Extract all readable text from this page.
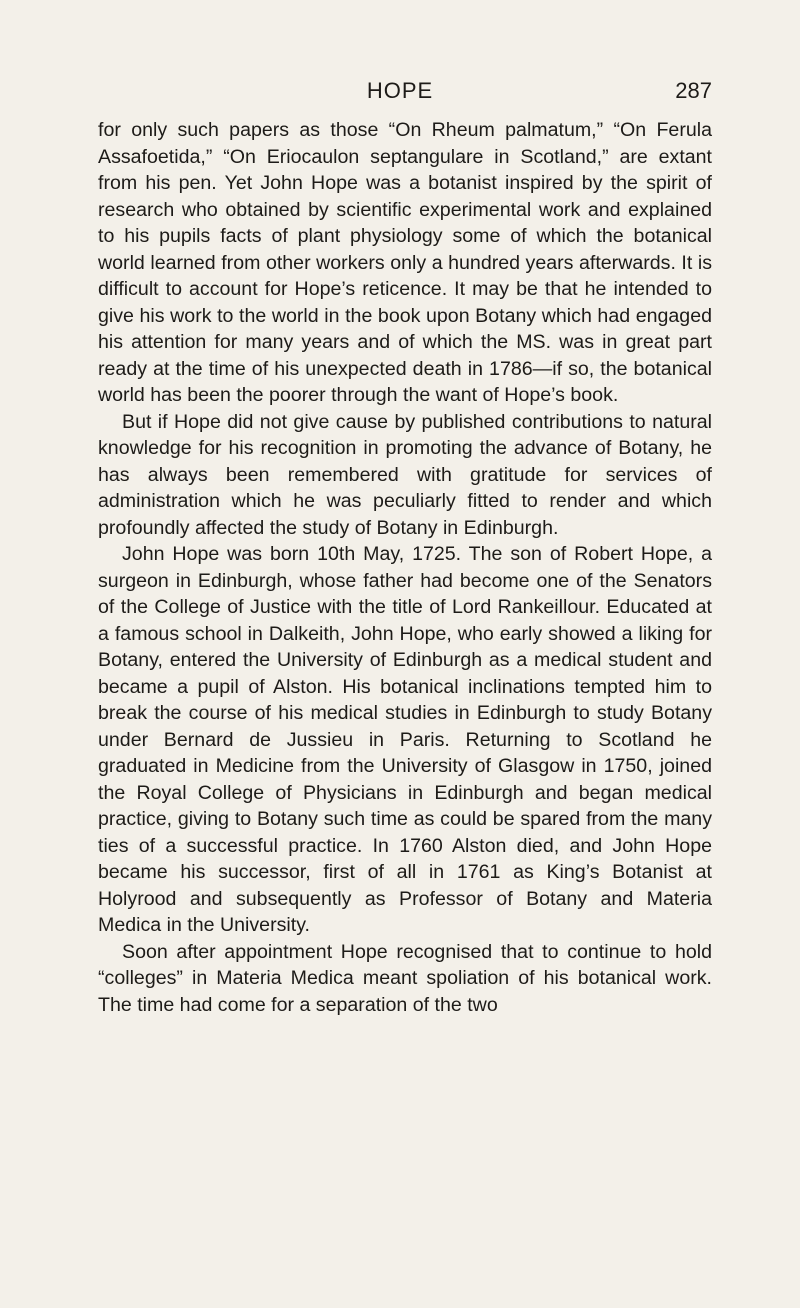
HOPE	287

for only such papers as those “On Rheum palmatum,” “On Ferula Assafoetida,” “On Eriocaulon septangulare in Scotland,” are extant from his pen. Yet John Hope was a botanist inspired by the spirit of research who obtained by scientific experimental work and explained to his pupils facts of plant physiology some of which the botanical world learned from other workers only a hundred years afterwards. It is difficult to account for Hope’s reticence. It may be that he intended to give his work to the world in the book upon Botany which had engaged his attention for many years and of which the MS. was in great part ready at the time of his unexpected death in 1786—if so, the botanical world has been the poorer through the want of Hope’s book.

But if Hope did not give cause by published contributions to natural knowledge for his recognition in promoting the advance of Botany, he has always been remembered with gratitude for services of administration which he was peculiarly fitted to render and which profoundly affected the study of Botany in Edinburgh.

John Hope was born 10th May, 1725. The son of Robert Hope, a surgeon in Edinburgh, whose father had become one of the Senators of the College of Justice with the title of Lord Rankeillour. Educated at a famous school in Dalkeith, John Hope, who early showed a liking for Botany, entered the University of Edinburgh as a medical student and became a pupil of Alston. His botanical inclinations tempted him to break the course of his medical studies in Edinburgh to study Botany under Bernard de Jussieu in Paris. Returning to Scotland he graduated in Medicine from the University of Glasgow in 1750, joined the Royal College of Physicians in Edinburgh and began medical practice, giving to Botany such time as could be spared from the many ties of a successful practice. In 1760 Alston died, and John Hope became his successor, first of all in 1761 as King’s Botanist at Holyrood and subsequently as Professor of Botany and Materia Medica in the University.

Soon after appointment Hope recognised that to continue to hold “colleges” in Materia Medica meant spoliation of his botanical work. The time had come for a separation of the two
